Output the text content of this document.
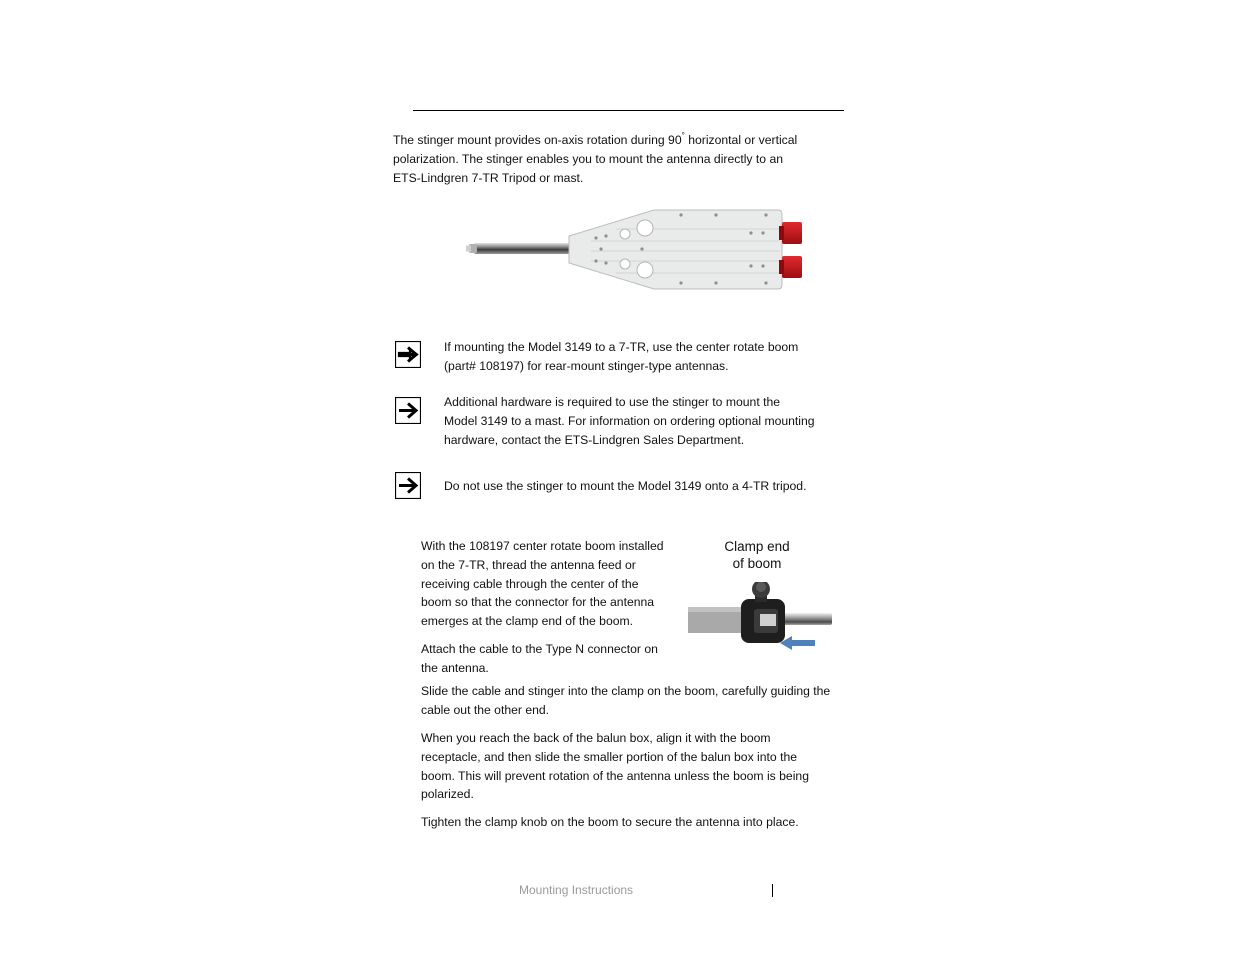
The stinger mount provides on-axis rotation during 90° horizontal or vertical
polarization. The stinger enables you to mount the antenna directly to an
ETS-Lindgren 7-TR Tripod or mast.
If mounting the Model 3149 to a 7-TR, use the center rotate boom
(part# 108197) for rear-mount stinger-type antennas.
Additional hardware is required to use the stinger to mount the
Model 3149 to a mast. For information on ordering optional mounting
hardware, contact the ETS-Lindgren Sales Department.
Do not use the stinger to mount the Model 3149 onto a 4-TR tripod.
With the 108197 center rotate boom installed
on the 7-TR, thread the antenna feed or
receiving cable through the center of the
boom so that the connector for the antenna
emerges at the clamp end of the boom.
Attach the cable to the Type N connector on
the antenna.
Slide the cable and stinger into the clamp on the boom, carefully guiding the
cable out the other end.
When you reach the back of the balun box, align it with the boom
receptacle, and then slide the smaller portion of the balun box into the
boom. This will prevent rotation of the antenna unless the boom is being
polarized.
Tighten the clamp knob on the boom to secure the antenna into place.
Clamp end
of boom
Mounting Instructions
